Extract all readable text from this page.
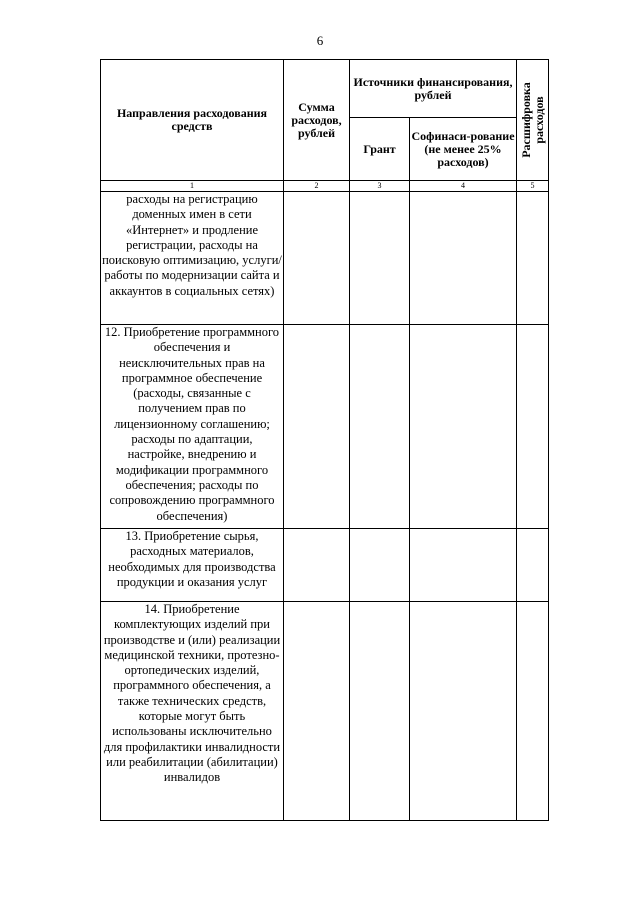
6
Направления расходования средств	Сумма расходов, рублей	Источники финансирования, рублей		Расшифровка расходов

		Грант	Софинаси-рование (не менее 25% расходов)	
1	2	3	4	5

расходы на регистрацию доменных имен в сети «Интернет» и продление регистрации, расходы на поисковую оптимизацию, услуги/работы по модернизации сайта и аккаунтов в социальных сетях)				

12. Приобретение программного обеспечения и неисключительных прав на программное обеспечение (расходы, связанные с получением прав по лицензионному соглашению; расходы по адаптации, настройке, внедрению и модификации программного обеспечения; расходы по сопровождению программного обеспечения)				

13. Приобретение сырья, расходных материалов, необходимых для производства продукции и оказания услуг				

14. Приобретение комплектующих изделий при производстве и (или) реализации медицинской техники, протезно-ортопедических изделий, программного обеспечения, а также технических средств, которые могут быть использованы исключительно для профилактики инвалидности или реабилитации (абилитации) инвалидов				
